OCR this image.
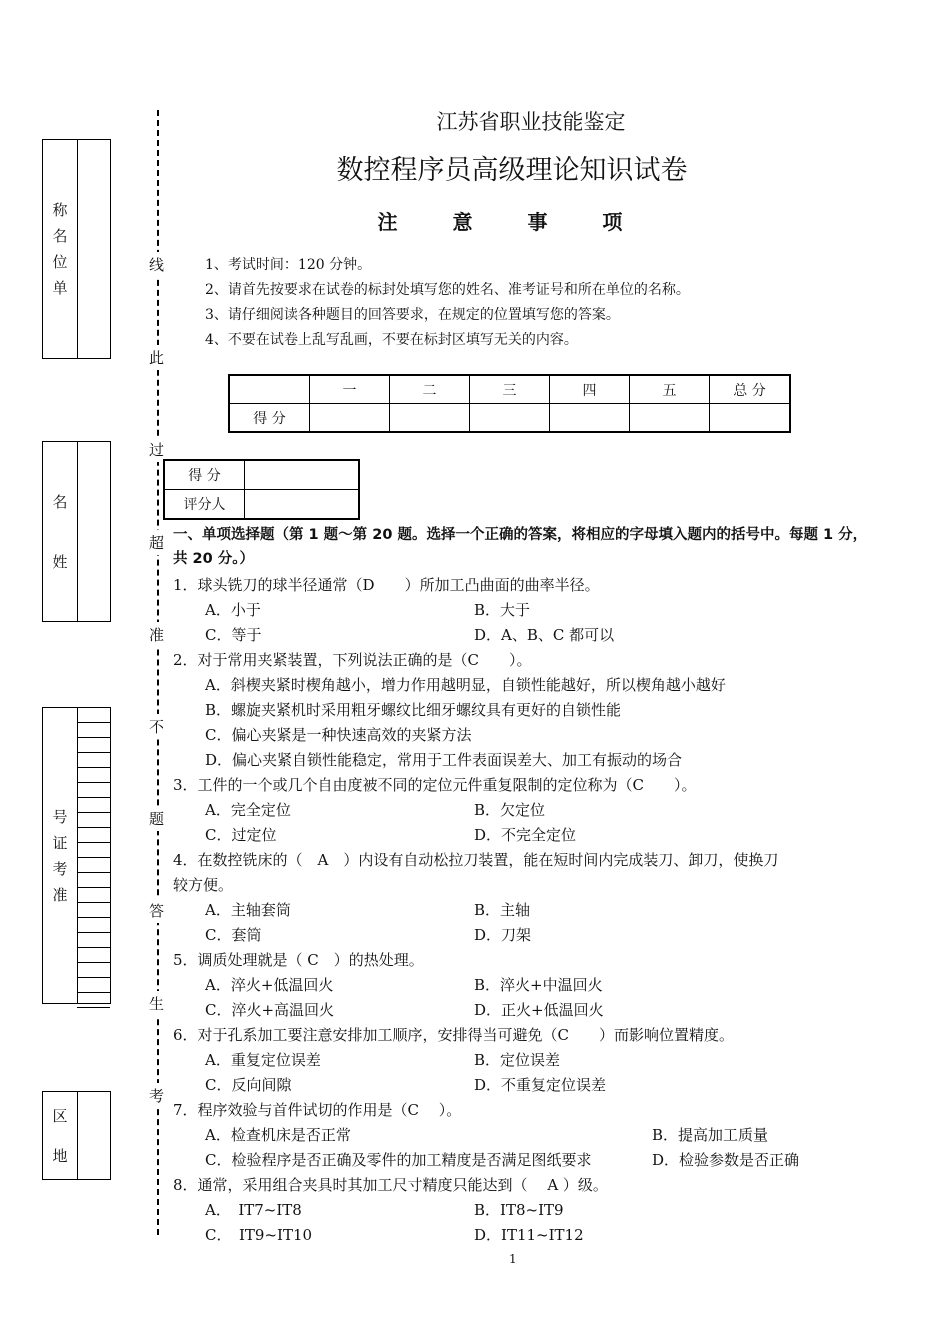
称
名
位
单
名
姓
号
证
考
准
区
地
线
此
过
超
准
不
题
答
生
考
江苏省职业技能鉴定
数控程序员高级理论知识试卷
注 意 事 项
1、考试时间：120 分钟。
2、请首先按要求在试卷的标封处填写您的姓名、准考证号和所在单位的名称。
3、请仔细阅读各种题目的回答要求，在规定的位置填写您的答案。
4、不要在试卷上乱写乱画，不要在标封区填写无关的内容。
	一	二	三	四	五	总 分
得 分						
得 分	
评分人	
一、单项选择题（第 1 题～第 20 题。选择一个正确的答案，将相应的字母填入题内的括号中。每题 1 分，共 20 分。）
1．球头铣刀的球半径通常（D　　）所加工凸曲面的曲率半径。
A．小于	B．大于
C．等于	D．A、B、C 都可以
2．对于常用夹紧装置，下列说法正确的是（C　　）。
A．斜楔夹紧时楔角越小，增力作用越明显，自锁性能越好，所以楔角越小越好
B．螺旋夹紧机时采用粗牙螺纹比细牙螺纹具有更好的自锁性能
C．偏心夹紧是一种快速高效的夹紧方法
D．偏心夹紧自锁性能稳定，常用于工件表面误差大、加工有振动的场合
3．工件的一个或几个自由度被不同的定位元件重复限制的定位称为（C　　）。
A．完全定位	B．欠定位
C．过定位	D．不完全定位
4．在数控铣床的（　A　）内设有自动松拉刀装置，能在短时间内完成装刀、卸刀，使换刀
较方便。
A．主轴套筒	B．主轴
C．套筒	D．刀架
5．调质处理就是（ C　）的热处理。
A．淬火+低温回火	B．淬火+中温回火
C．淬火+高温回火	D．正火+低温回火
6．对于孔系加工要注意安排加工顺序，安排得当可避免（C　　）而影响位置精度。
A．重复定位误差	B．定位误差
C．反向间隙	D．不重复定位误差
7．程序效验与首件试切的作用是（C　 ）。
A．检查机床是否正常	B．提高加工质量
C．检验程序是否正确及零件的加工精度是否满足图纸要求	D．检验参数是否正确
8．通常，采用组合夹具时其加工尺寸精度只能达到（　 A ）级。
A．　IT7~IT8	B．IT8~IT9
C．　IT9~IT10	D．IT11~IT12
1
